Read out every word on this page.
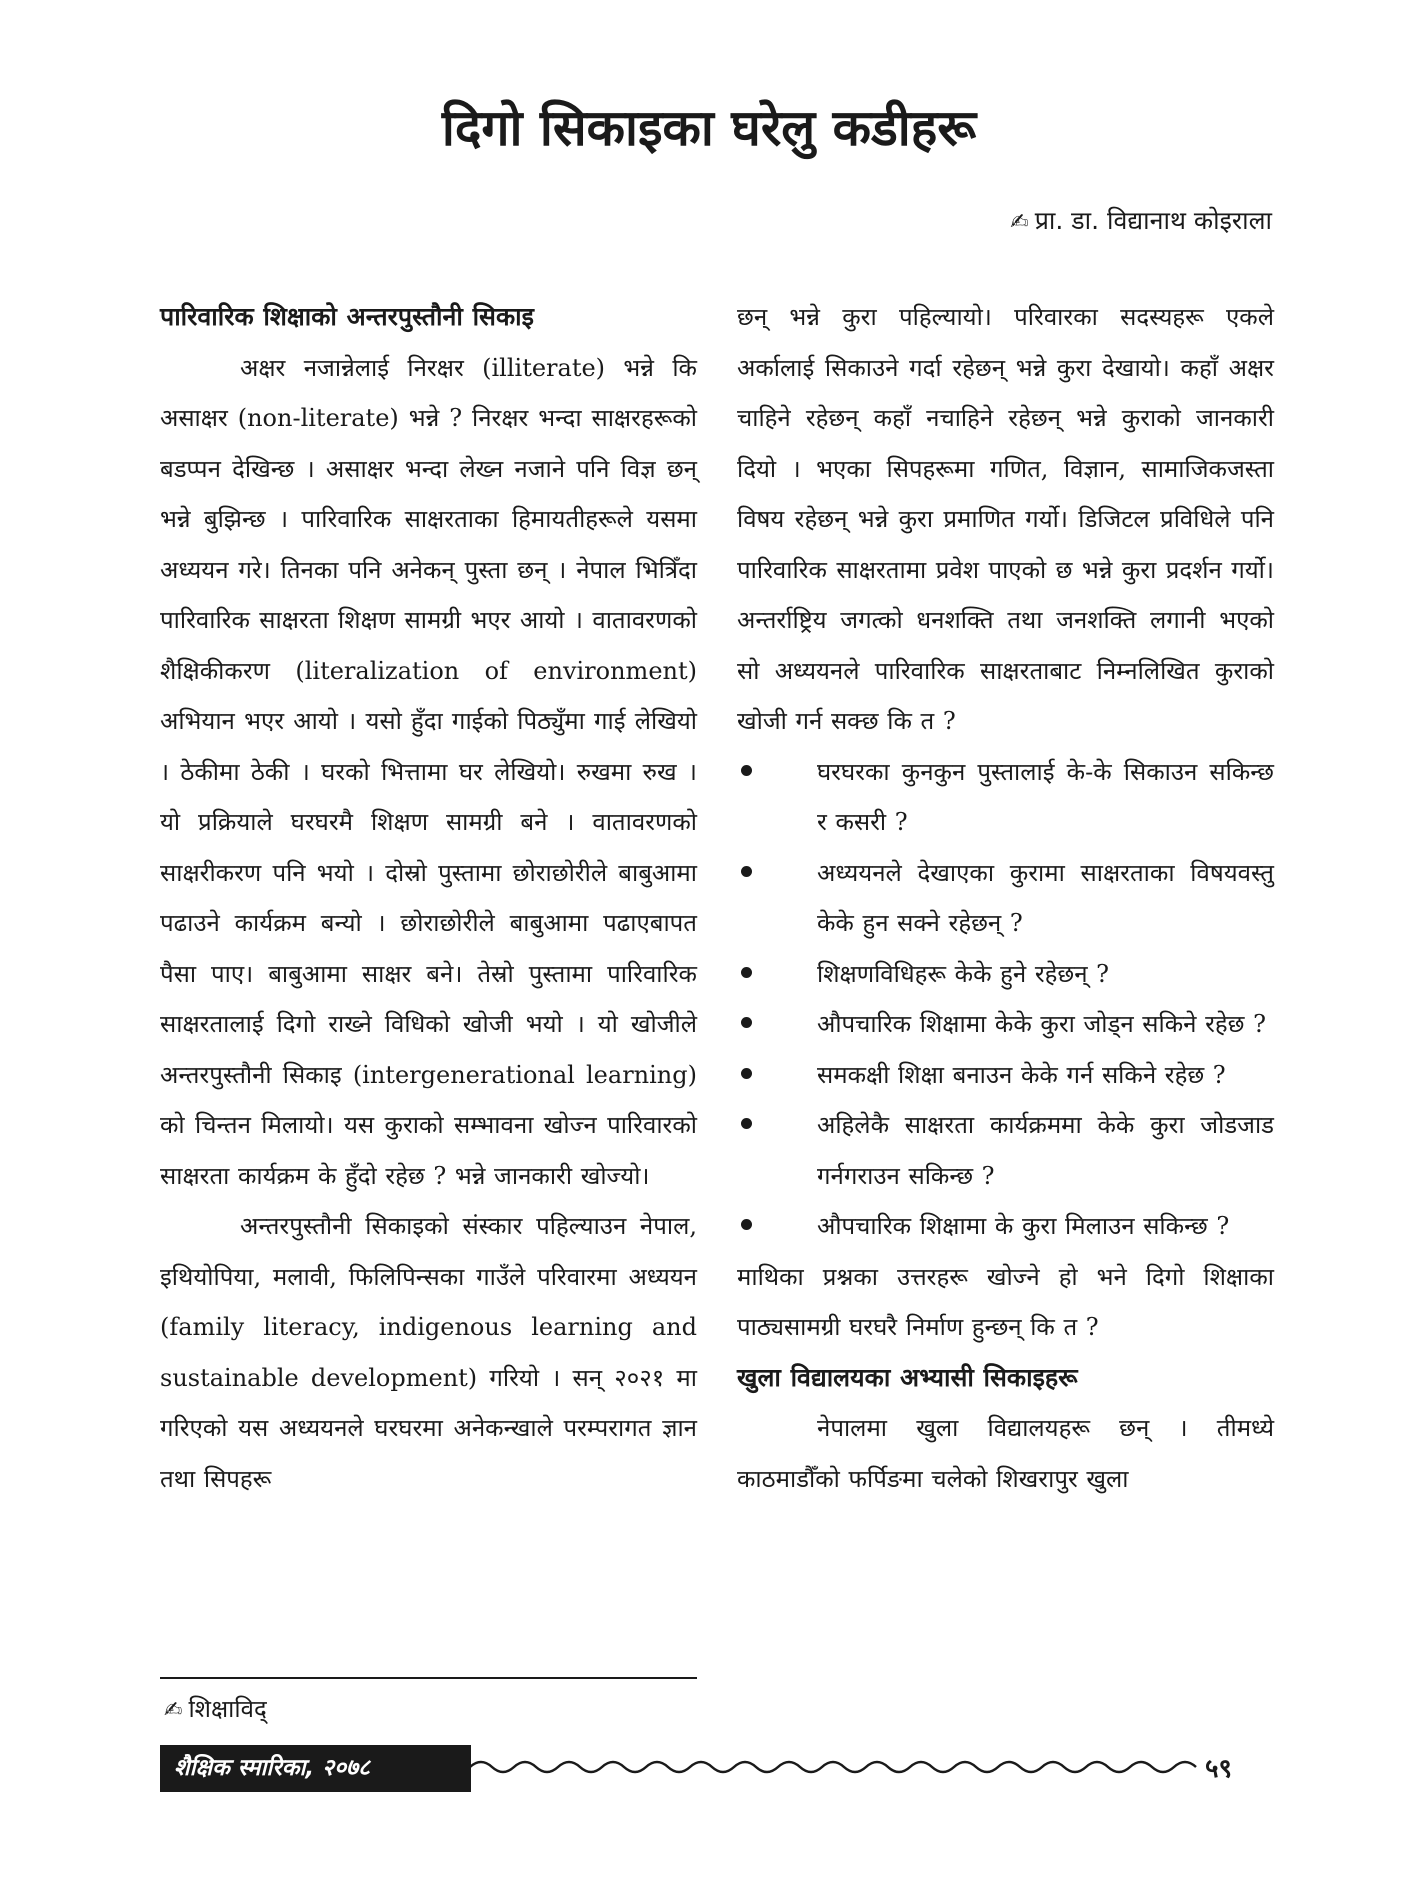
दिगो सिकाइका घरेलु कडीहरू
✍ प्रा. डा. विद्यानाथ कोइराला
पारिवारिक शिक्षाको अन्तरपुस्तौनी सिकाइ

अक्षर नजान्नेलाई निरक्षर (illiterate) भन्ने कि असाक्षर (non-literate) भन्ने ? निरक्षर भन्दा साक्षरहरूको बडप्पन देखिन्छ । असाक्षर भन्दा लेख्न नजाने पनि विज्ञ छन् भन्ने बुझिन्छ । पारिवारिक साक्षरताका हिमायतीहरूले यसमा अध्ययन गरे। तिनका पनि अनेकन् पुस्ता छन् । नेपाल भित्रिँदा पारिवारिक साक्षरता शिक्षण सामग्री भएर आयो । वातावरणको शैक्षिकीकरण (literalization of environment) अभियान भएर आयो । यसो हुँदा गाईको पिठ्युँमा गाई लेखियो । ठेकीमा ठेकी । घरको भित्तामा घर लेखियो। रुखमा रुख । यो प्रक्रियाले घरघरमै शिक्षण सामग्री बने । वातावरणको साक्षरीकरण पनि भयो । दोस्रो पुस्तामा छोराछोरीले बाबुआमा पढाउने कार्यक्रम बन्यो । छोराछोरीले बाबुआमा पढाएबापत पैसा पाए। बाबुआमा साक्षर बने। तेस्रो पुस्तामा पारिवारिक साक्षरतालाई दिगो राख्ने विधिको खोजी भयो । यो खोजीले अन्तरपुस्तौनी सिकाइ (intergenerational learning) को चिन्तन मिलायो। यस कुराको सम्भावना खोज्न पारिवारको साक्षरता कार्यक्रम के हुँदो रहेछ ? भन्ने जानकारी खोज्यो।

अन्तरपुस्तौनी सिकाइको संस्कार पहिल्याउन नेपाल, इथियोपिया, मलावी, फिलिपिन्सका गाउँले परिवारमा अध्ययन (family literacy, indigenous learning and sustainable development) गरियो । सन् २०२१ मा गरिएको यस अध्ययनले घरघरमा अनेकन्खाले परम्परागत ज्ञान तथा सिपहरू

छन् भन्ने कुरा पहिल्यायो। परिवारका सदस्यहरू एकले अर्कालाई सिकाउने गर्दा रहेछन् भन्ने कुरा देखायो। कहाँ अक्षर चाहिने रहेछन् कहाँ नचाहिने रहेछन् भन्ने कुराको जानकारी दियो । भएका सिपहरूमा गणित, विज्ञान, सामाजिकजस्ता विषय रहेछन् भन्ने कुरा प्रमाणित गर्यो। डिजिटल प्रविधिले पनि पारिवारिक साक्षरतामा प्रवेश पाएको छ भन्ने कुरा प्रदर्शन गर्यो। अन्तर्राष्ट्रिय जगत्को धनशक्ति तथा जनशक्ति लगानी भएको सो अध्ययनले पारिवारिक साक्षरताबाट निम्नलिखित कुराको खोजी गर्न सक्छ कि त ?

घरघरका कुनकुन पुस्तालाई के-के सिकाउन सकिन्छ र कसरी ?
अध्ययनले देखाएका कुरामा साक्षरताका विषयवस्तु केके हुन सक्ने रहेछन् ?
शिक्षणविधिहरू केके हुने रहेछन् ?
औपचारिक शिक्षामा केके कुरा जोड्न सकिने रहेछ ?
समकक्षी शिक्षा बनाउन केके गर्न सकिने रहेछ ?
अहिलेकै साक्षरता कार्यक्रममा केके कुरा जोडजाड गर्नगराउन सकिन्छ ?
औपचारिक शिक्षामा के कुरा मिलाउन सकिन्छ ?

माथिका प्रश्नका उत्तरहरू खोज्ने हो भने दिगो शिक्षाका पाठ्यसामग्री घरघरै निर्माण हुन्छन् कि त ?

खुला विद्यालयका अभ्यासी सिकाइहरू

नेपालमा खुला विद्यालयहरू छन् । तीमध्ये काठमाडौँको फर्पिङमा चलेको शिखरापुर खुला

✍ शिक्षाविद्
शैक्षिक स्मारिका, २०७८	५९
